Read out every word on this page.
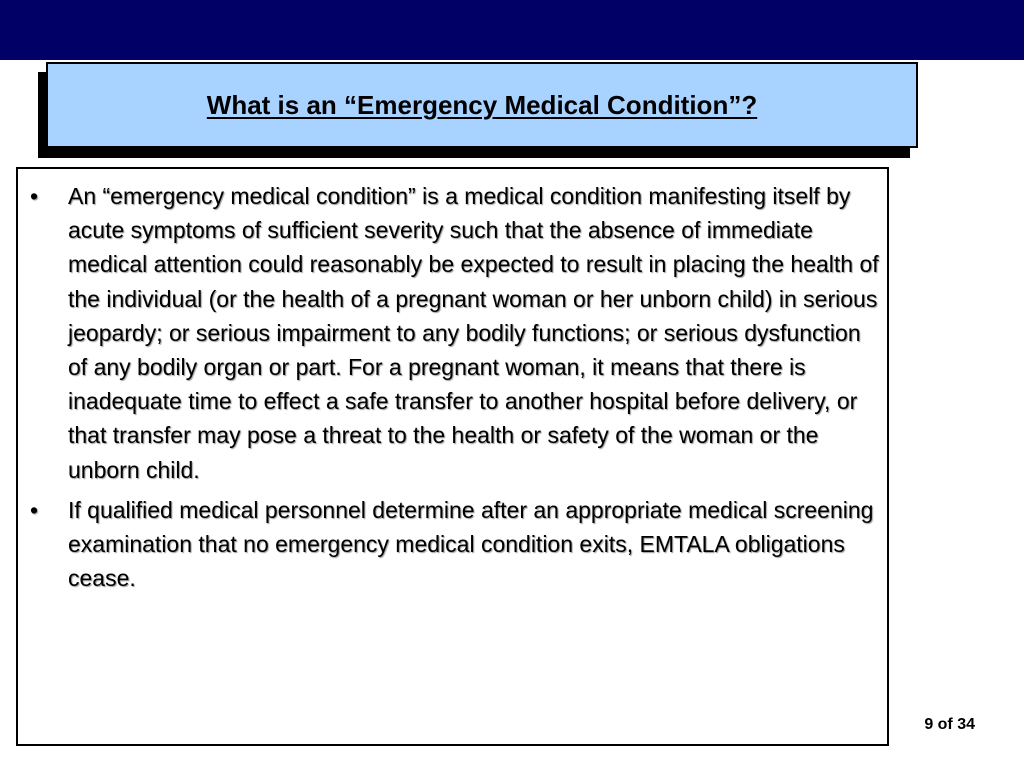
What is an “Emergency Medical Condition”?
• An “emergency medical condition” is a medical condition manifesting itself by acute symptoms of sufficient severity such that the absence of immediate medical attention could reasonably be expected to result in placing the health of the individual (or the health of a pregnant woman or her unborn child) in serious jeopardy; or serious impairment to any bodily functions; or serious dysfunction of any bodily organ or part. For a pregnant woman, it means that there is inadequate time to effect a safe transfer to another hospital before delivery, or that transfer may pose a threat to the health or safety of the woman or the unborn child.
• If qualified medical personnel determine after an appropriate medical screening examination that no emergency medical condition exits, EMTALA obligations cease.
9 of 34
